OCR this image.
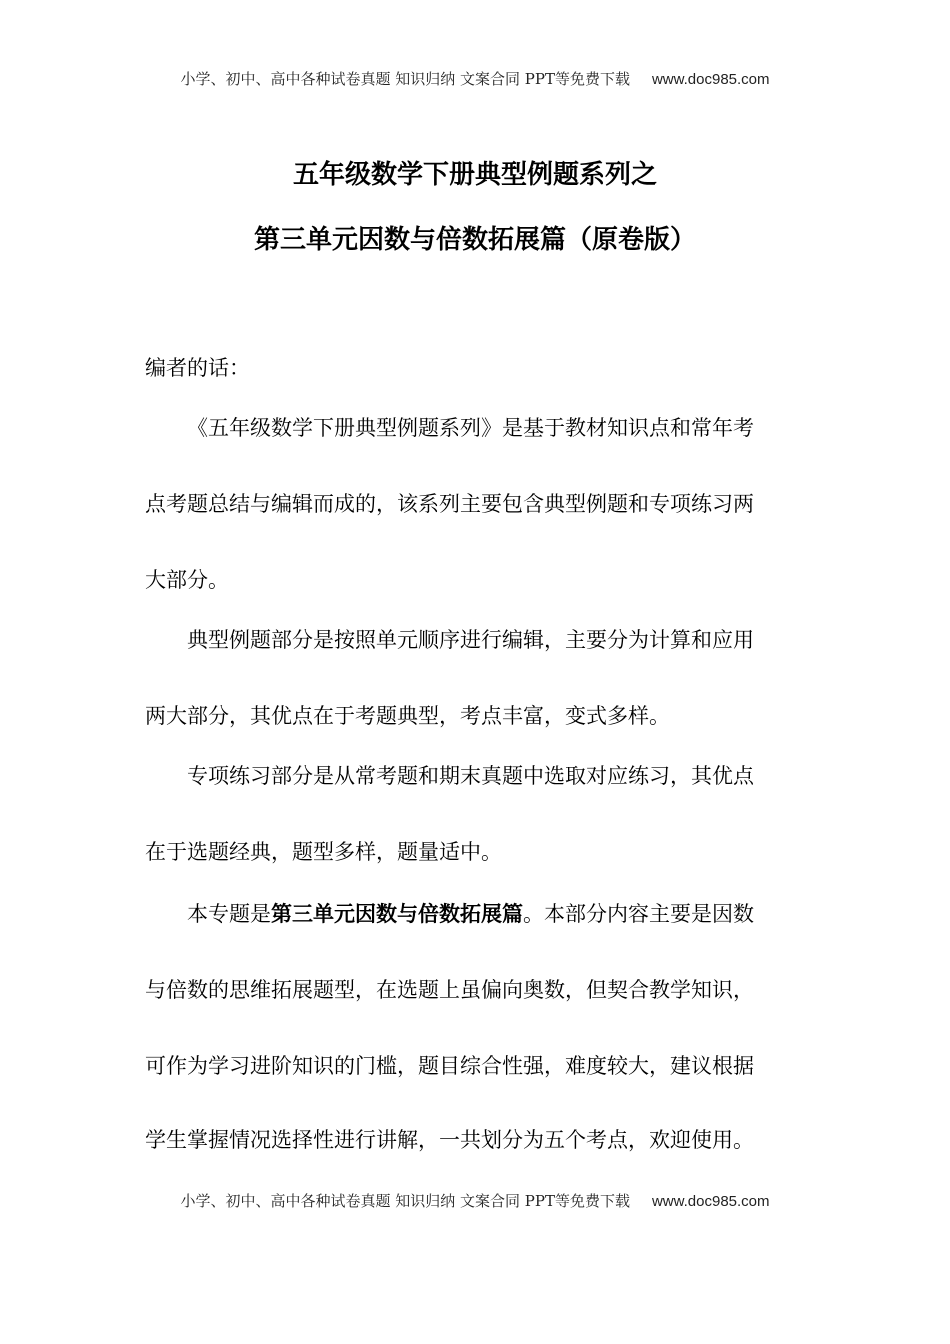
小学、初中、高中各种试卷真题 知识归纳 文案合同 PPT等免费下载 www.doc985.com
五年级数学下册典型例题系列之
第三单元因数与倍数拓展篇（原卷版）
编者的话：
《五年级数学下册典型例题系列》是基于教材知识点和常年考
点考题总结与编辑而成的，该系列主要包含典型例题和专项练习两
大部分。
典型例题部分是按照单元顺序进行编辑，主要分为计算和应用
两大部分，其优点在于考题典型，考点丰富，变式多样。
专项练习部分是从常考题和期末真题中选取对应练习，其优点
在于选题经典，题型多样，题量适中。
本专题是第三单元因数与倍数拓展篇。本部分内容主要是因数
与倍数的思维拓展题型，在选题上虽偏向奥数，但契合教学知识，
可作为学习进阶知识的门槛，题目综合性强，难度较大，建议根据
学生掌握情况选择性进行讲解，一共划分为五个考点，欢迎使用。
小学、初中、高中各种试卷真题 知识归纳 文案合同 PPT等免费下载 www.doc985.com
